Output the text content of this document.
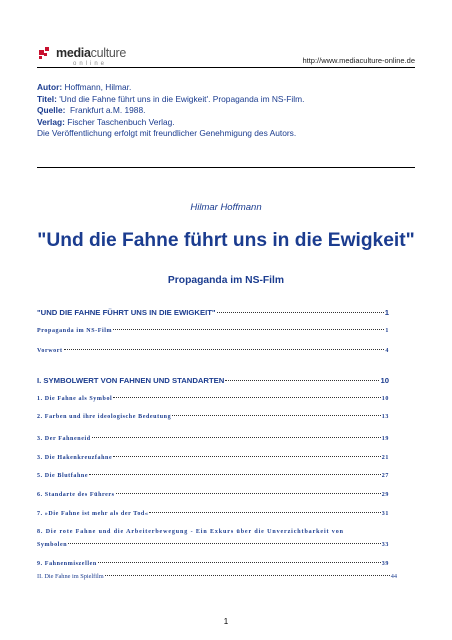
mediaculture
online	http://www.mediaculture-online.de
Autor: Hoffmann, Hilmar.
Titel: 'Und die Fahne führt uns in die Ewigkeit'. Propaganda im NS-Film.
Quelle: Frankfurt a.M. 1988.
Verlag: Fischer Taschenbuch Verlag.
Die Veröffentlichung erfolgt mit freundlicher Genehmigung des Autors.
Hilmar Hoffmann
"Und die Fahne führt uns in die Ewigkeit"
Propaganda im NS-Film
"UND DIE FAHNE FÜHRT UNS IN DIE EWIGKEIT"	1
Propaganda im NS-Film	1
Vorwort	4
I. SYMBOLWERT VON FAHNEN UND STANDARTEN	10
1. Die Fahne als Symbol	10
2. Farben und ihre ideologische Bedeutung	13
3. Der Fahneneid	19
3. Die Hakenkreuzfahne	21
5. Die Blutfahne	27
6. Standarte des Führers	29
7. »Die Fahne ist mehr als der Tod«	31
8. Die rote Fahne und die Arbeiterbewegung - Ein Exkurs über die Unverzichtbarkeit von
Symbolen	33
9. Fahnenmiszellen	39
II. Die Fahne im Spielfilm	44
1
